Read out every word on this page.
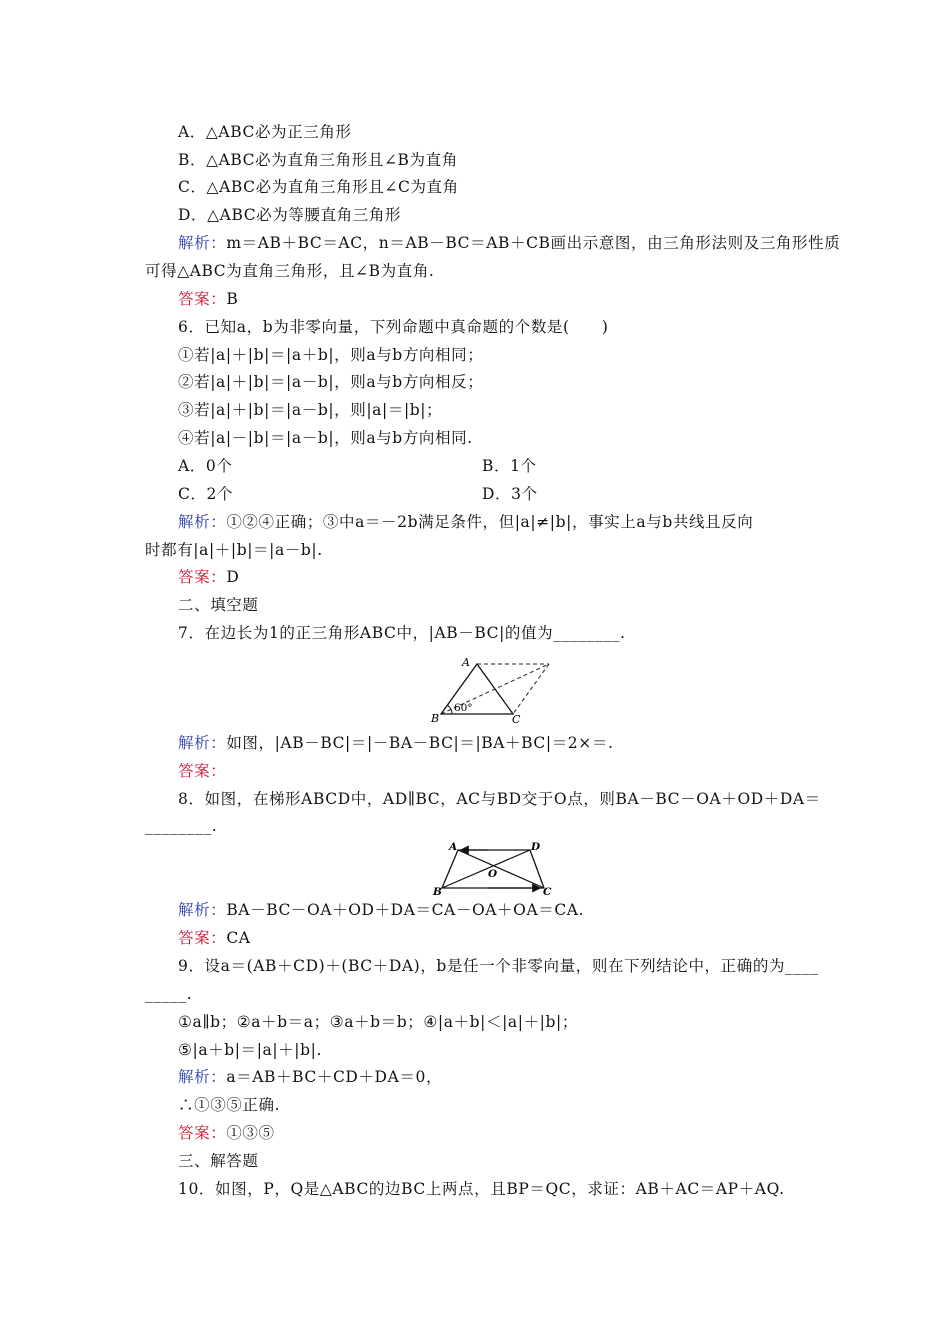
A．△ABC必为正三角形
B．△ABC必为直角三角形且∠B为直角
C．△ABC必为直角三角形且∠C为直角
D．△ABC必为等腰直角三角形
解析：m＝AB＋BC＝AC，n＝AB－BC＝AB＋CB画出示意图，由三角形法则及三角形性质
可得△ABC为直角三角形，且∠B为直角.
答案：B
6．已知a，b为非零向量，下列命题中真命题的个数是(　　)
①若|a|＋|b|＝|a＋b|，则a与b方向相同；
②若|a|＋|b|＝|a－b|，则a与b方向相反；
③若|a|＋|b|＝|a－b|，则|a|＝|b|；
④若|a|－|b|＝|a－b|，则a与b方向相同.
A．0个	B．1个
C．2个	D．3个
解析：①②④正确；③中a＝－2b满足条件，但|a|≠|b|，事实上a与b共线且反向
时都有|a|＋|b|＝|a－b|.
答案：D
二、填空题
7．在边长为1的正三角形ABC中，|AB－BC|的值为________.
A
B	C
60°
解析：如图，|AB－BC|＝|－BA－BC|＝|BA＋BC|＝2×＝.
答案：
8．如图，在梯形ABCD中，AD∥BC，AC与BD交于O点，则BA－BC－OA＋OD＋DA＝
________.
A	D
B	C
O
解析：BA－BC－OA＋OD＋DA＝CA－OA＋OA＝CA.
答案：CA
9．设a＝(AB＋CD)＋(BC＋DA)，b是任一个非零向量，则在下列结论中，正确的为____
_____.
①a∥b；②a＋b＝a；③a＋b＝b；④|a＋b|＜|a|＋|b|；
⑤|a＋b|＝|a|＋|b|.
解析：a＝AB＋BC＋CD＋DA＝0，
∴①③⑤正确.
答案：①③⑤
三、解答题
10．如图，P，Q是△ABC的边BC上两点，且BP＝QC，求证：AB＋AC＝AP＋AQ.
